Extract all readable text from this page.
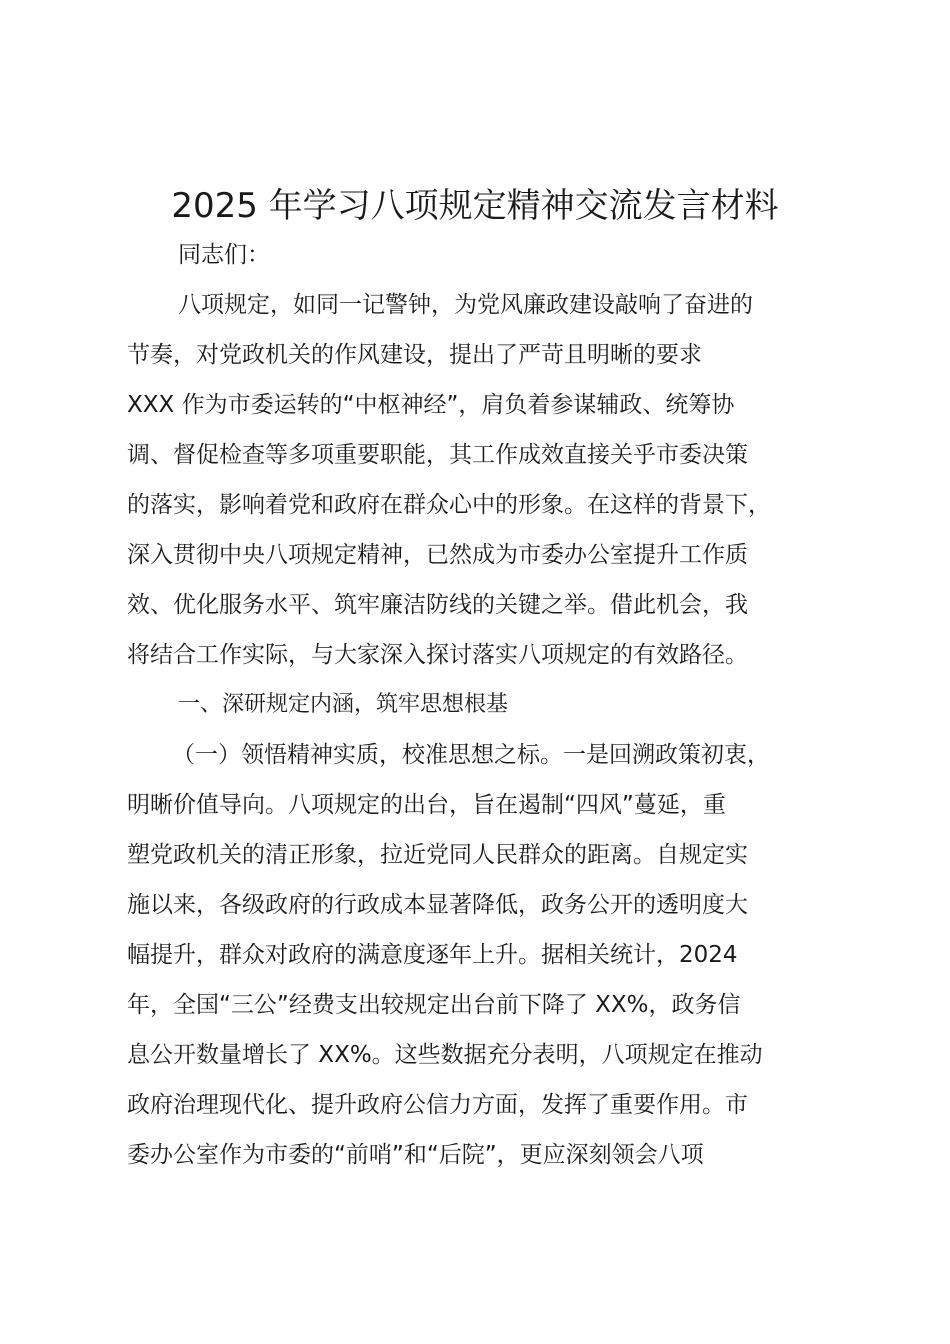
2025 年学习八项规定精神交流发言材料
同志们：
八项规定，如同一记警钟，为党风廉政建设敲响了奋进的
节奏，对党政机关的作风建设，提出了严苛且明晰的要求
XXX 作为市委运转的“中枢神经”，肩负着参谋辅政、统筹协
调、督促检查等多项重要职能，其工作成效直接关乎市委决策
的落实，影响着党和政府在群众心中的形象。在这样的背景下，
深入贯彻中央八项规定精神，已然成为市委办公室提升工作质
效、优化服务水平、筑牢廉洁防线的关键之举。借此机会，我
将结合工作实际，与大家深入探讨落实八项规定的有效路径。
一、深研规定内涵，筑牢思想根基
（一）领悟精神实质，校准思想之标。一是回溯政策初衷，
明晰价值导向。八项规定的出台，旨在遏制“四风”蔓延，重
塑党政机关的清正形象，拉近党同人民群众的距离。自规定实
施以来，各级政府的行政成本显著降低，政务公开的透明度大
幅提升，群众对政府的满意度逐年上升。据相关统计，2024
年，全国“三公”经费支出较规定出台前下降了 XX%，政务信
息公开数量增长了 XX%。这些数据充分表明，八项规定在推动
政府治理现代化、提升政府公信力方面，发挥了重要作用。市
委办公室作为市委的“前哨”和“后院”，更应深刻领会八项
